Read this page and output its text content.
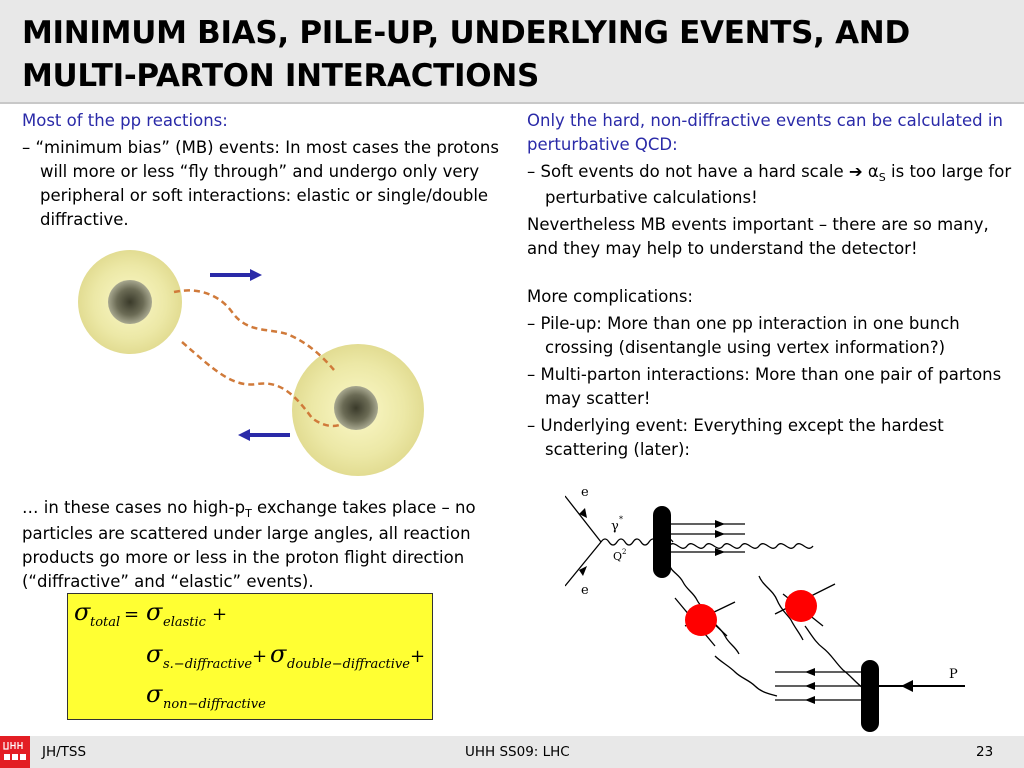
MINIMUM BIAS, PILE-UP, UNDERLYING EVENTS, AND
MULTI-PARTON INTERACTIONS

Most of the pp reactions:

– “minimum bias” (MB) events: In most cases the protons will more or less “fly through” and undergo only very peripheral or soft interactions: elastic or single/double diffractive.

… in these cases no high-$p_T$ exchange takes place – no particles are scattered under large angles, all reaction products go more or less in the proton flight direction (“diffractive” and “elastic” events).
σ total = σ elastic +
σ s.−diffractive + σ double−diffractive +
σ non−diffractive

Only the hard, non-diffractive events can be calculated in perturbative QCD:

– Soft events do not have a hard scale ➔ $\alpha_S$ is too large for perturbative calculations!

Nevertheless MB events important – there are so many, and they may help to understand the detector!

More complications:

– Pile-up: More than one pp interaction in one bunch crossing (disentangle using vertex information?)

– Multi-parton interactions: More than one pair of partons may scatter!

– Underlying event: Everything except the hardest scattering (later):

e
e
γ *
Q 2
P
JH/TSS	UHH SS09: LHC	23
